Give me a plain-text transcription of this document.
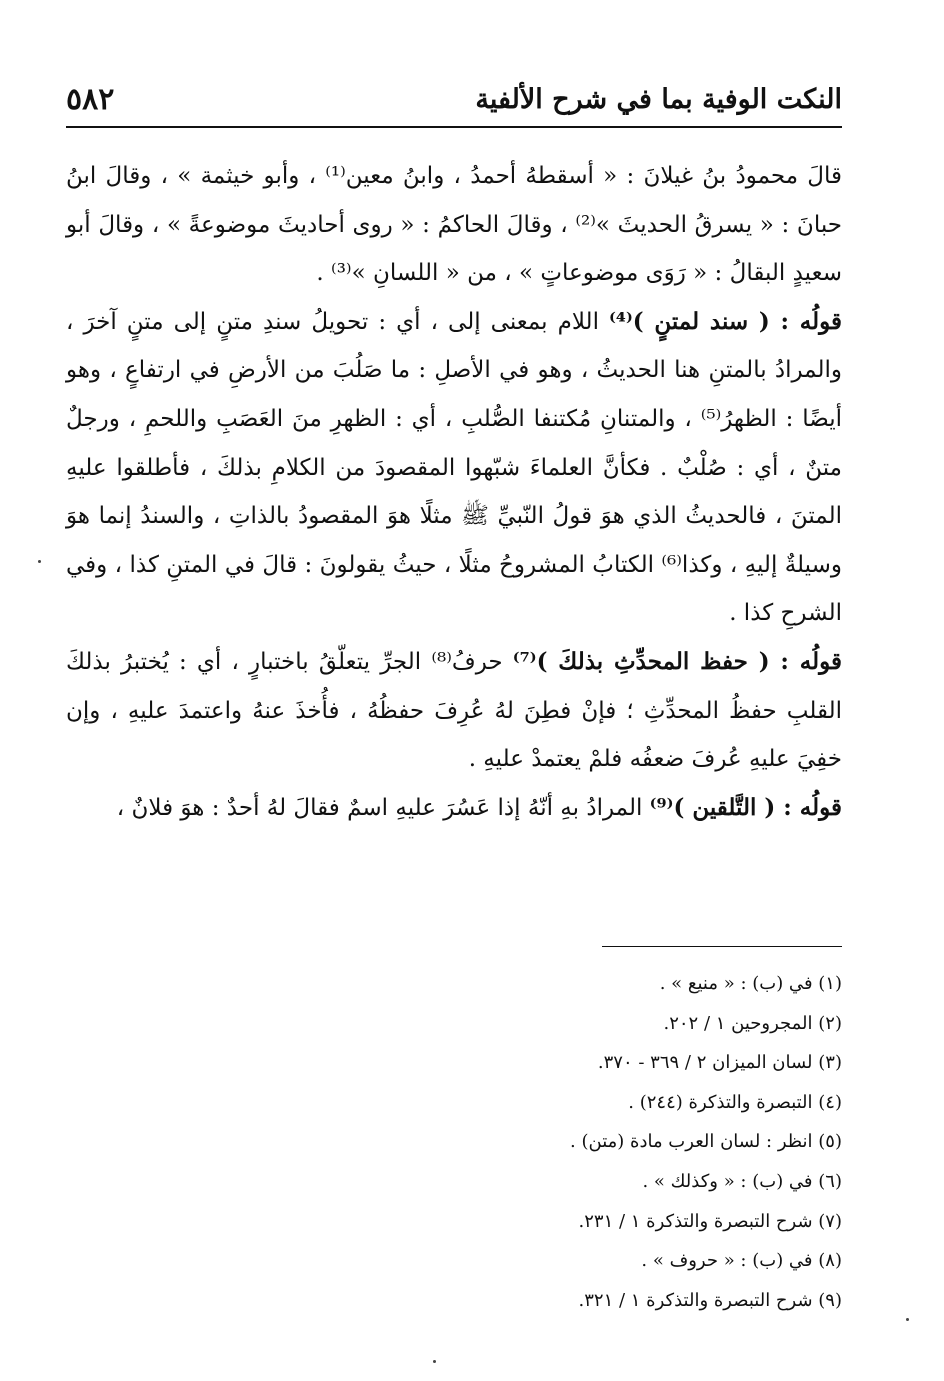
النكت الوفية بما في شرح الألفية
٥٨٢

قالَ محمودُ بنُ غيلانَ : « أسقطهُ أحمدُ ، وابنُ معين⁽¹⁾ ، وأبو خيثمة » ، وقالَ ابنُ حبانَ : « يسرقُ الحديثَ »⁽²⁾ ، وقالَ الحاكمُ : « روى أحاديثَ موضوعةً » ، وقالَ أبو سعيدٍ البقالُ : « رَوَى موضوعاتٍ » ، من « اللسانِ »⁽³⁾ .

قولُه : ( سند لمتنٍ )⁽⁴⁾ اللام بمعنى إلى ، أي : تحويلُ سندِ متنٍ إلى متنٍ آخرَ ، والمرادُ بالمتنِ هنا الحديثُ ، وهو في الأصلِ : ما صَلُبَ من الأرضِ في ارتفاعٍ ، وهو أيضًا : الظهرُ⁽⁵⁾ ، والمتنانِ مُكتنفا الصُّلبِ ، أي : الظهرِ منَ العَصَبِ واللحمِ ، ورجلٌ متنٌ ، أي : صُلْبٌ . فكأنَّ العلماءَ شبّهوا المقصودَ من الكلامِ بذلكَ ، فأطلقوا عليهِ المتنَ ، فالحديثُ الذي هوَ قولُ النّبيِّ ﷺ مثلًا هوَ المقصودُ بالذاتِ ، والسندُ إنما هوَ وسيلةٌ إليهِ ، وكذا⁽⁶⁾ الكتابُ المشروحُ مثلًا ، حيثُ يقولونَ : قالَ في المتنِ كذا ، وفي الشرحِ كذا .

قولُه : ( حفظ المحدِّثِ بذلكَ )⁽⁷⁾ حرفُ⁽⁸⁾ الجرِّ يتعلّقُ باختبارٍ ، أي : يُختبرُ بذلكَ القلبِ حفظُ المحدِّثِ ؛ فإنْ فطِنَ لهُ عُرِفَ حفظُهُ ، فأُخذَ عنهُ واعتمدَ عليهِ ، وإن خفِيَ عليهِ عُرفَ ضعفُه فلمْ يعتمدْ عليهِ .

قولُه : ( التَّلقين )⁽⁹⁾ المرادُ بهِ أنّهُ إذا عَسُرَ عليهِ اسمٌ فقالَ لهُ أحدٌ : هوَ فلانٌ ،

(١) في (ب) : « منيع » .
(٢) المجروحين ١ / ٢٠٢.
(٣) لسان الميزان ٢ / ٣٦٩ - ٣٧٠.
(٤) التبصرة والتذكرة (٢٤٤) .
(٥) انظر : لسان العرب مادة (متن) .
(٦) في (ب) : « وكذلك » .
(٧) شرح التبصرة والتذكرة ١ / ٢٣١.
(٨) في (ب) : « حروف » .
(٩) شرح التبصرة والتذكرة ١ / ٣٢١.
